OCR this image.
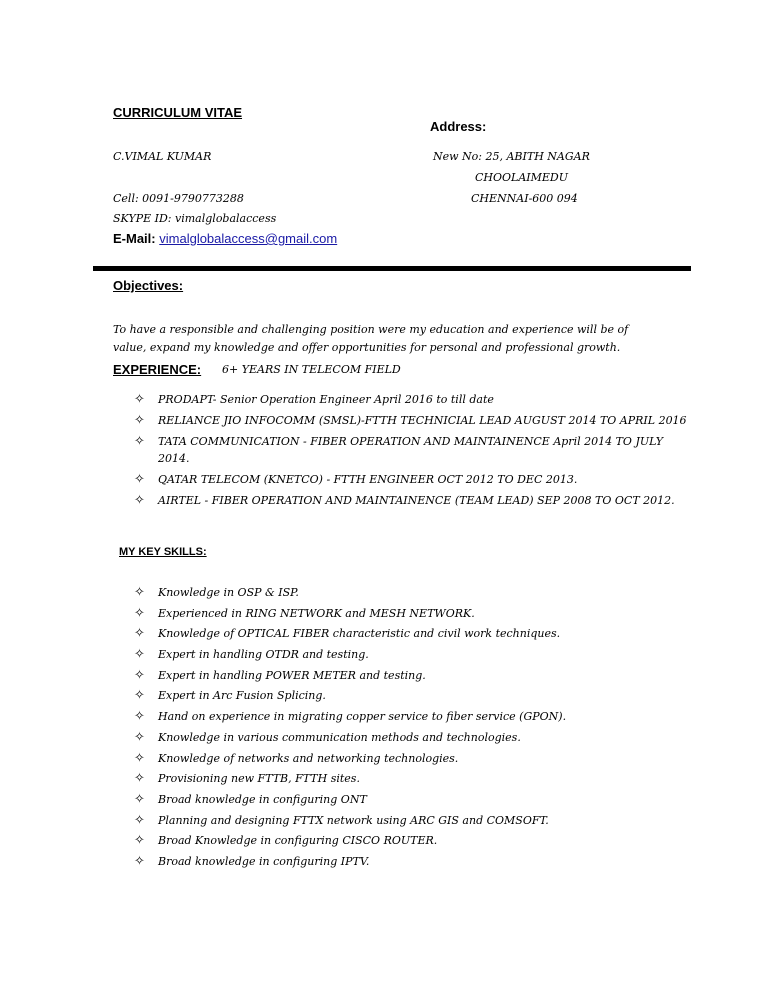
CURRICULUM VITAE
Address:
C.VIMAL KUMAR	New No: 25, ABITH NAGAR
CHOOLAIMEDU
Cell: 0091-9790773288	CHENNAI-600 094
SKYPE ID: vimalglobalaccess
E-Mail: vimalglobalaccess@gmail.com
Objectives:
To have a responsible and challenging position were my education and experience will be of
value, expand my knowledge and offer opportunities for personal and professional growth.
EXPERIENCE: 6+ YEARS IN TELECOM FIELD
✧ PRODAPT- Senior Operation Engineer April 2016 to till date
✧ RELIANCE JIO INFOCOMM (SMSL)-FTTH TECHNICIAL LEAD AUGUST 2014 TO APRIL 2016
✧ TATA COMMUNICATION - FIBER OPERATION AND MAINTAINENCE April 2014 TO JULY
2014.
✧ QATAR TELECOM (KNETCO) - FTTH ENGINEER OCT 2012 TO DEC 2013.
✧ AIRTEL - FIBER OPERATION AND MAINTAINENCE (TEAM LEAD) SEP 2008 TO OCT 2012.
MY KEY SKILLS:
✧ Knowledge in OSP & ISP.
✧ Experienced in RING NETWORK and MESH NETWORK.
✧ Knowledge of OPTICAL FIBER characteristic and civil work techniques.
✧ Expert in handling OTDR and testing.
✧ Expert in handling POWER METER and testing.
✧ Expert in Arc Fusion Splicing.
✧ Hand on experience in migrating copper service to fiber service (GPON).
✧ Knowledge in various communication methods and technologies.
✧ Knowledge of networks and networking technologies.
✧ Provisioning new FTTB, FTTH sites.
✧ Broad knowledge in configuring ONT
✧ Planning and designing FTTX network using ARC GIS and COMSOFT.
✧ Broad Knowledge in configuring CISCO ROUTER.
✧ Broad knowledge in configuring IPTV.
